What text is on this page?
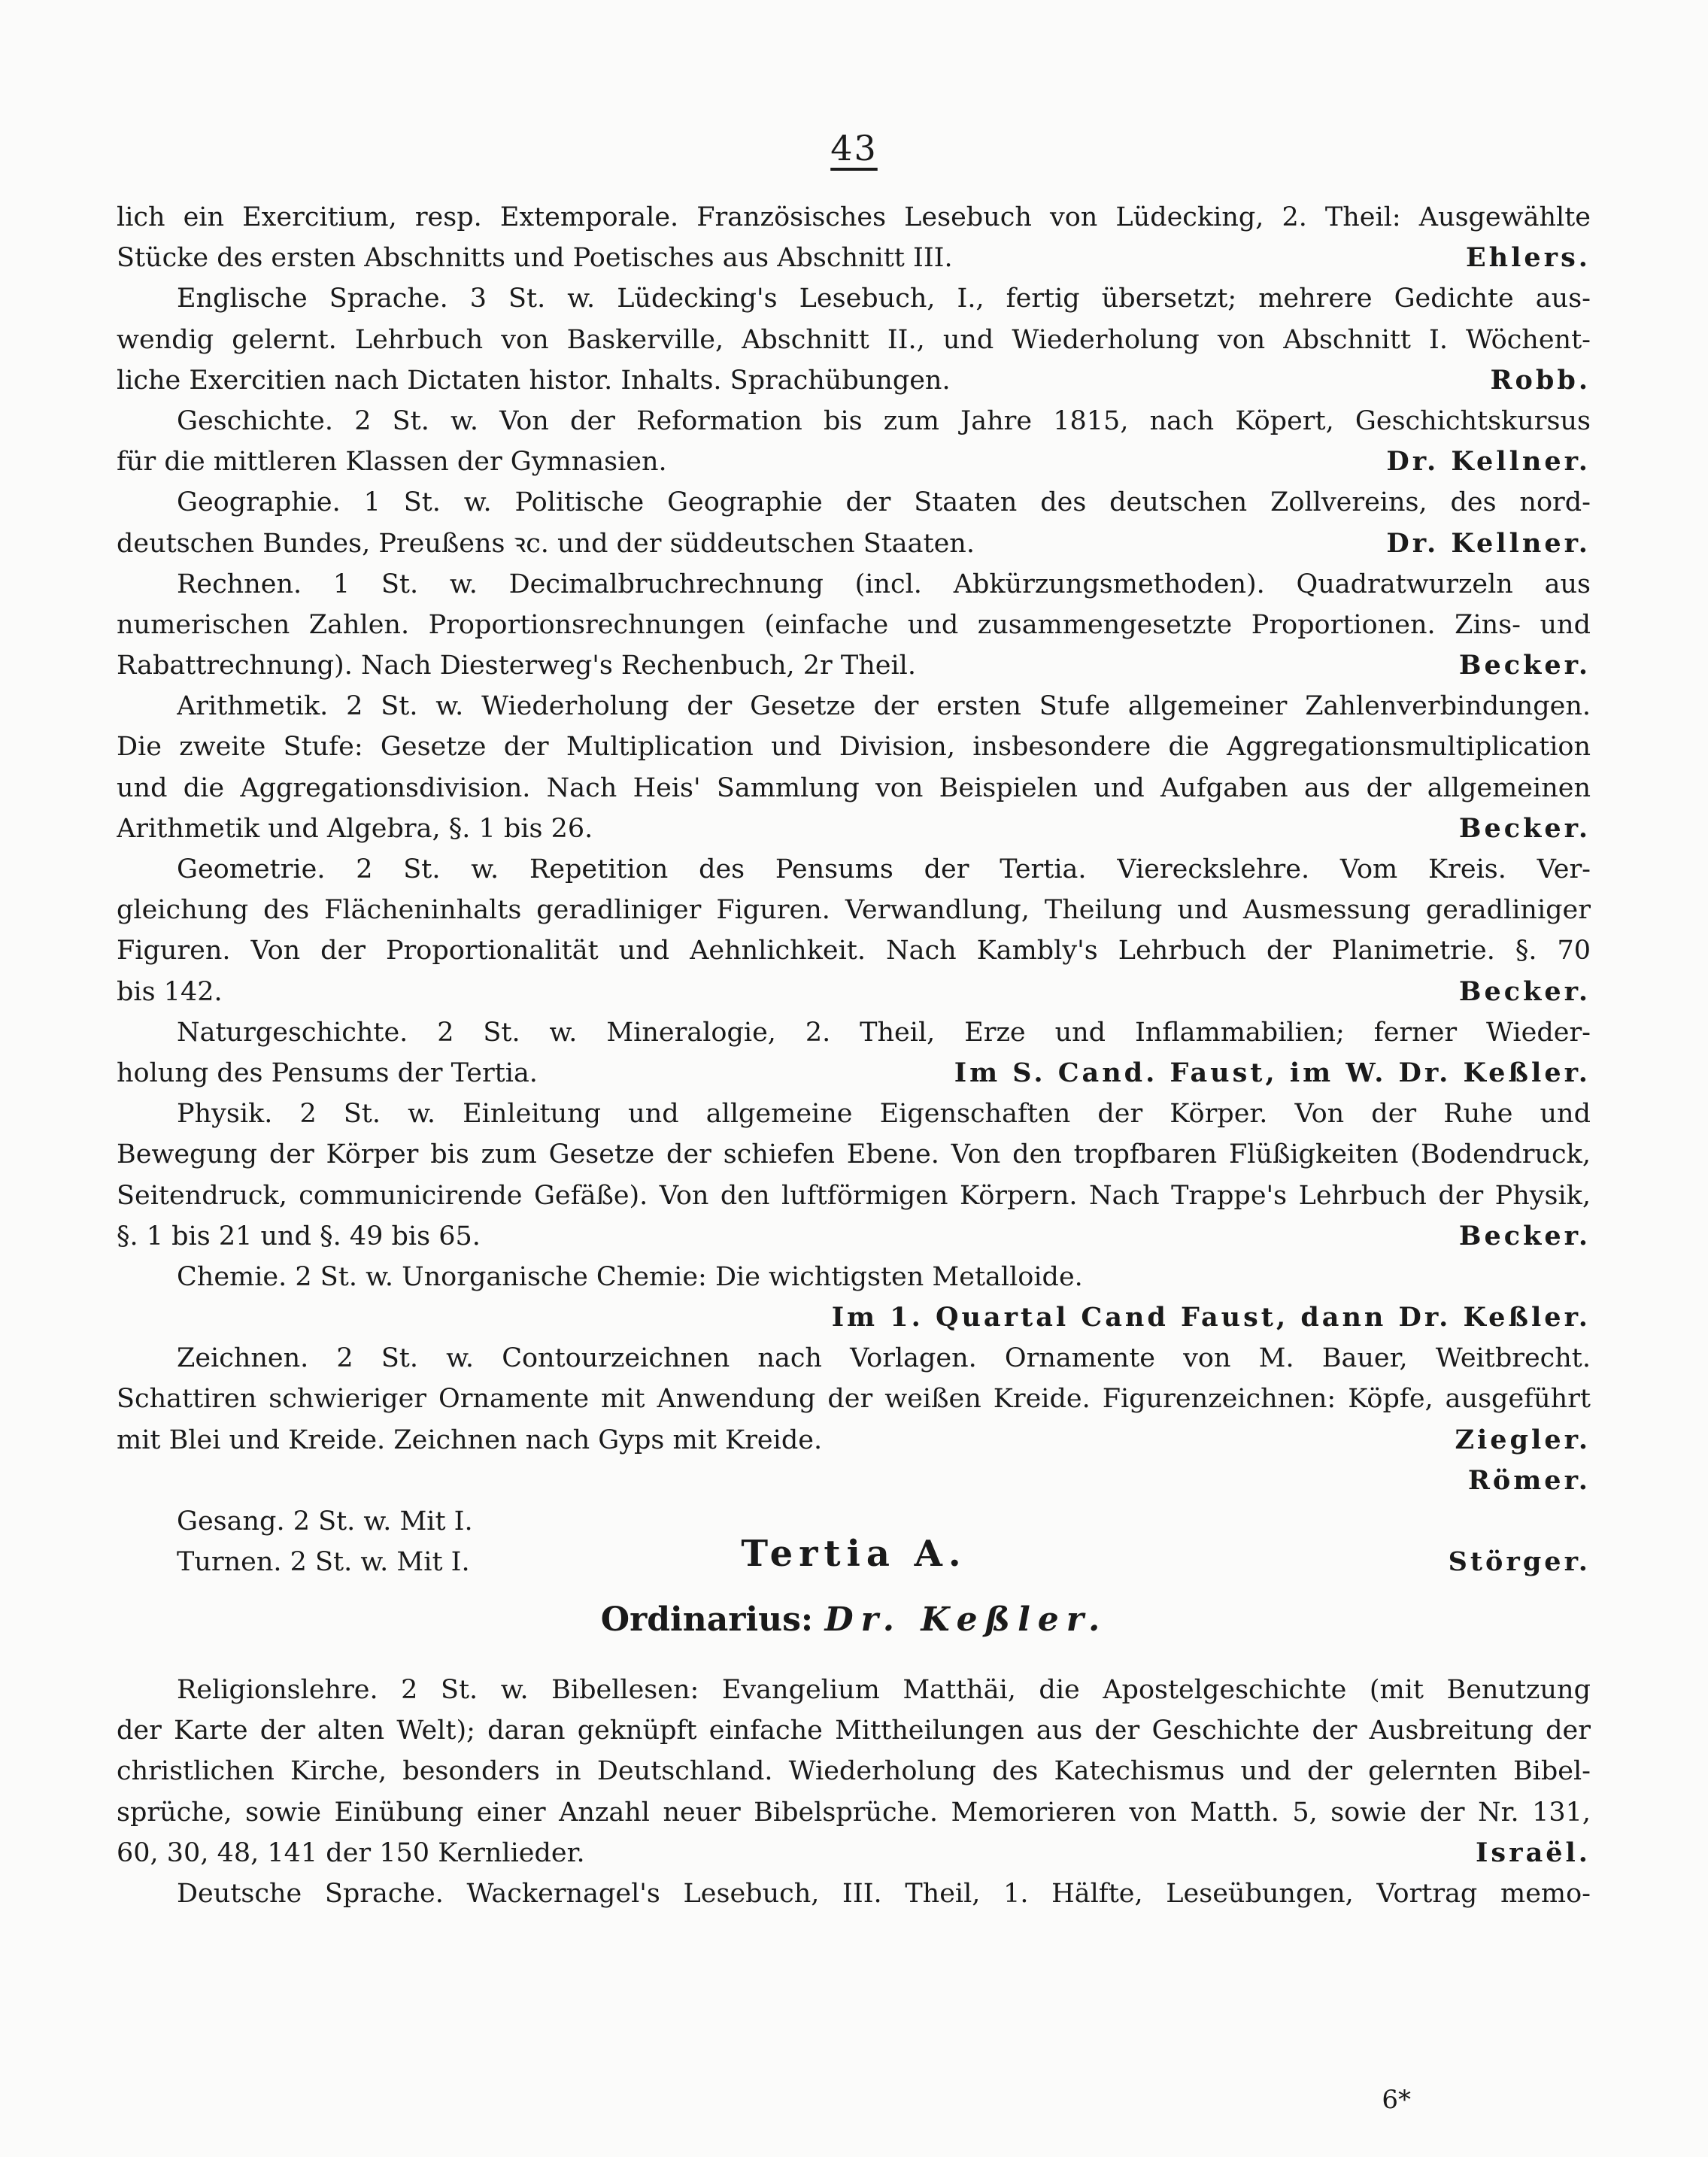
43
lich ein Exercitium, resp. Extemporale. Französisches Lesebuch von Lüdecking, 2. Theil: Ausgewählte
Stücke des ersten Abschnitts und Poetisches aus Abschnitt III.	Ehlers.
Englische Sprache. 3 St. w. Lüdecking's Lesebuch, I., fertig übersetzt; mehrere Gedichte aus-
wendig gelernt. Lehrbuch von Baskerville, Abschnitt II., und Wiederholung von Abschnitt I. Wöchent-
liche Exercitien nach Dictaten histor. Inhalts. Sprachübungen.	Robb.
Geschichte. 2 St. w. Von der Reformation bis zum Jahre 1815, nach Köpert, Geschichtskursus
für die mittleren Klassen der Gymnasien.	Dr. Kellner.
Geographie. 1 St. w. Politische Geographie der Staaten des deutschen Zollvereins, des nord-
deutschen Bundes, Preußens ꝛc. und der süddeutschen Staaten.	Dr. Kellner.
Rechnen. 1 St. w. Decimalbruchrechnung (incl. Abkürzungsmethoden). Quadratwurzeln aus
numerischen Zahlen. Proportionsrechnungen (einfache und zusammengesetzte Proportionen. Zins- und
Rabattrechnung). Nach Diesterweg's Rechenbuch, 2r Theil.	Becker.
Arithmetik. 2 St. w. Wiederholung der Gesetze der ersten Stufe allgemeiner Zahlenverbindungen.
Die zweite Stufe: Gesetze der Multiplication und Division, insbesondere die Aggregationsmultiplication
und die Aggregationsdivision. Nach Heis' Sammlung von Beispielen und Aufgaben aus der allgemeinen
Arithmetik und Algebra, §. 1 bis 26.	Becker.
Geometrie. 2 St. w. Repetition des Pensums der Tertia. Viereckslehre. Vom Kreis. Ver-
gleichung des Flächeninhalts geradliniger Figuren. Verwandlung, Theilung und Ausmessung geradliniger
Figuren. Von der Proportionalität und Aehnlichkeit. Nach Kambly's Lehrbuch der Planimetrie. §. 70
bis 142.	Becker.
Naturgeschichte. 2 St. w. Mineralogie, 2. Theil, Erze und Inflammabilien; ferner Wieder-
holung des Pensums der Tertia.	Im S. Cand. Faust, im W. Dr. Keßler.
Physik. 2 St. w. Einleitung und allgemeine Eigenschaften der Körper. Von der Ruhe und
Bewegung der Körper bis zum Gesetze der schiefen Ebene. Von den tropfbaren Flüßigkeiten (Bodendruck,
Seitendruck, communicirende Gefäße). Von den luftförmigen Körpern. Nach Trappe's Lehrbuch der Physik,
§. 1 bis 21 und §. 49 bis 65.	Becker.
Chemie. 2 St. w. Unorganische Chemie: Die wichtigsten Metalloide.
Im 1. Quartal Cand Faust, dann Dr. Keßler.
Zeichnen. 2 St. w. Contourzeichnen nach Vorlagen. Ornamente von M. Bauer, Weitbrecht.
Schattiren schwieriger Ornamente mit Anwendung der weißen Kreide. Figurenzeichnen: Köpfe, ausgeführt
mit Blei und Kreide. Zeichnen nach Gyps mit Kreide.	Ziegler.
Römer.
Gesang. 2 St. w. Mit I.
Turnen. 2 St. w. Mit I.	Störger.
Tertia A.
Ordinarius: Dr. Keßler.
Religionslehre. 2 St. w. Bibellesen: Evangelium Matthäi, die Apostelgeschichte (mit Benutzung
der Karte der alten Welt); daran geknüpft einfache Mittheilungen aus der Geschichte der Ausbreitung der
christlichen Kirche, besonders in Deutschland. Wiederholung des Katechismus und der gelernten Bibel-
sprüche, sowie Einübung einer Anzahl neuer Bibelsprüche. Memorieren von Matth. 5, sowie der Nr. 131,
60, 30, 48, 141 der 150 Kernlieder.	Israël.
Deutsche Sprache. Wackernagel's Lesebuch, III. Theil, 1. Hälfte, Leseübungen, Vortrag memo-
6*
